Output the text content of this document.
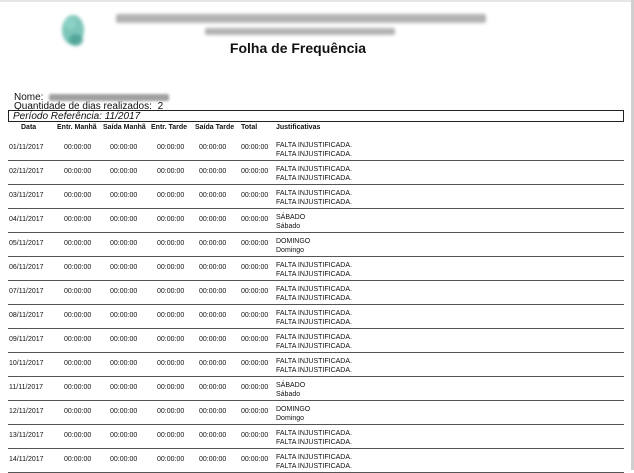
Folha de Frequência
Nome:
Quantidade de dias realizados: 2
Período Referência: 11/2017
Data	Entr. Manhã Saída Manhã Entr. Tarde Saída Tarde Total	Justificativas
01/11/2017	00:00:00	00:00:00	00:00:00 00:00:00 00:00:00 FALTA INJUSTIFICADA.
FALTA INJUSTIFICADA.
02/11/2017	00:00:00	00:00:00	00:00:00 00:00:00 00:00:00 FALTA INJUSTIFICADA.
FALTA INJUSTIFICADA.
03/11/2017	00:00:00	00:00:00	00:00:00 00:00:00 00:00:00 FALTA INJUSTIFICADA.
FALTA INJUSTIFICADA.
04/11/2017	00:00:00	00:00:00	00:00:00 00:00:00 00:00:00 SÁBADO
Sábado
05/11/2017	00:00:00	00:00:00	00:00:00 00:00:00 00:00:00 DOMINGO
Domingo
06/11/2017	00:00:00	00:00:00	00:00:00 00:00:00 00:00:00 FALTA INJUSTIFICADA.
FALTA INJUSTIFICADA.
07/11/2017	00:00:00	00:00:00	00:00:00 00:00:00 00:00:00 FALTA INJUSTIFICADA.
FALTA INJUSTIFICADA.
08/11/2017	00:00:00	00:00:00	00:00:00 00:00:00 00:00:00 FALTA INJUSTIFICADA.
FALTA INJUSTIFICADA.
09/11/2017	00:00:00	00:00:00	00:00:00 00:00:00 00:00:00 FALTA INJUSTIFICADA.
FALTA INJUSTIFICADA.
10/11/2017	00:00:00	00:00:00	00:00:00 00:00:00 00:00:00 FALTA INJUSTIFICADA.
FALTA INJUSTIFICADA.
11/11/2017	00:00:00	00:00:00	00:00:00 00:00:00 00:00:00 SÁBADO
Sábado
12/11/2017	00:00:00	00:00:00	00:00:00 00:00:00 00:00:00 DOMINGO
Domingo
13/11/2017	00:00:00	00:00:00	00:00:00 00:00:00 00:00:00 FALTA INJUSTIFICADA.
FALTA INJUSTIFICADA.
14/11/2017	00:00:00	00:00:00	00:00:00 00:00:00 00:00:00 FALTA INJUSTIFICADA.
FALTA INJUSTIFICADA.
